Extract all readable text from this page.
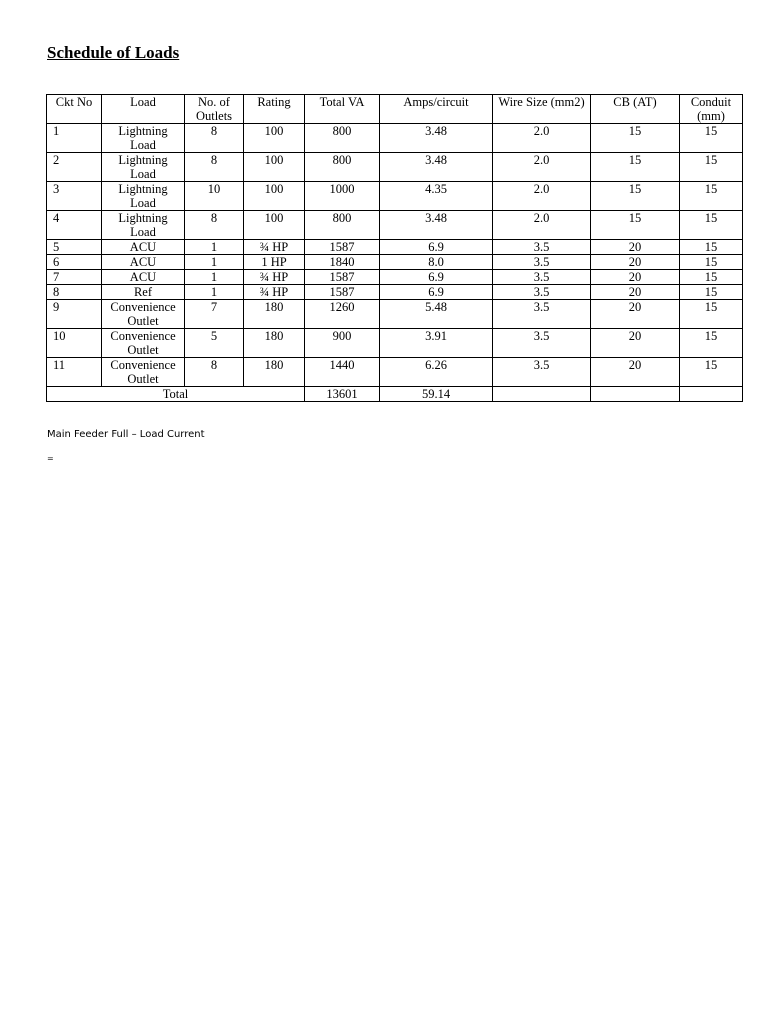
Schedule of Loads
Ckt No	Load	No. of Outlets	Rating	Total VA	Amps/circuit	Wire Size (mm2)	CB (AT)	Conduit (mm)
1	Lightning Load	8	100	800	3.48	2.0	15	15
2	Lightning Load	8	100	800	3.48	2.0	15	15
3	Lightning Load	10	100	1000	4.35	2.0	15	15
4	Lightning Load	8	100	800	3.48	2.0	15	15
5	ACU	1	¾ HP	1587	6.9	3.5	20	15
6	ACU	1	1 HP	1840	8.0	3.5	20	15
7	ACU	1	¾ HP	1587	6.9	3.5	20	15
8	Ref	1	¾ HP	1587	6.9	3.5	20	15
9	Convenience Outlet	7	180	1260	5.48	3.5	20	15
10	Convenience Outlet	5	180	900	3.91	3.5	20	15
11	Convenience Outlet	8	180	1440	6.26	3.5	20	15
Total				13601	59.14			

Main Feeder Full – Load Current

=
